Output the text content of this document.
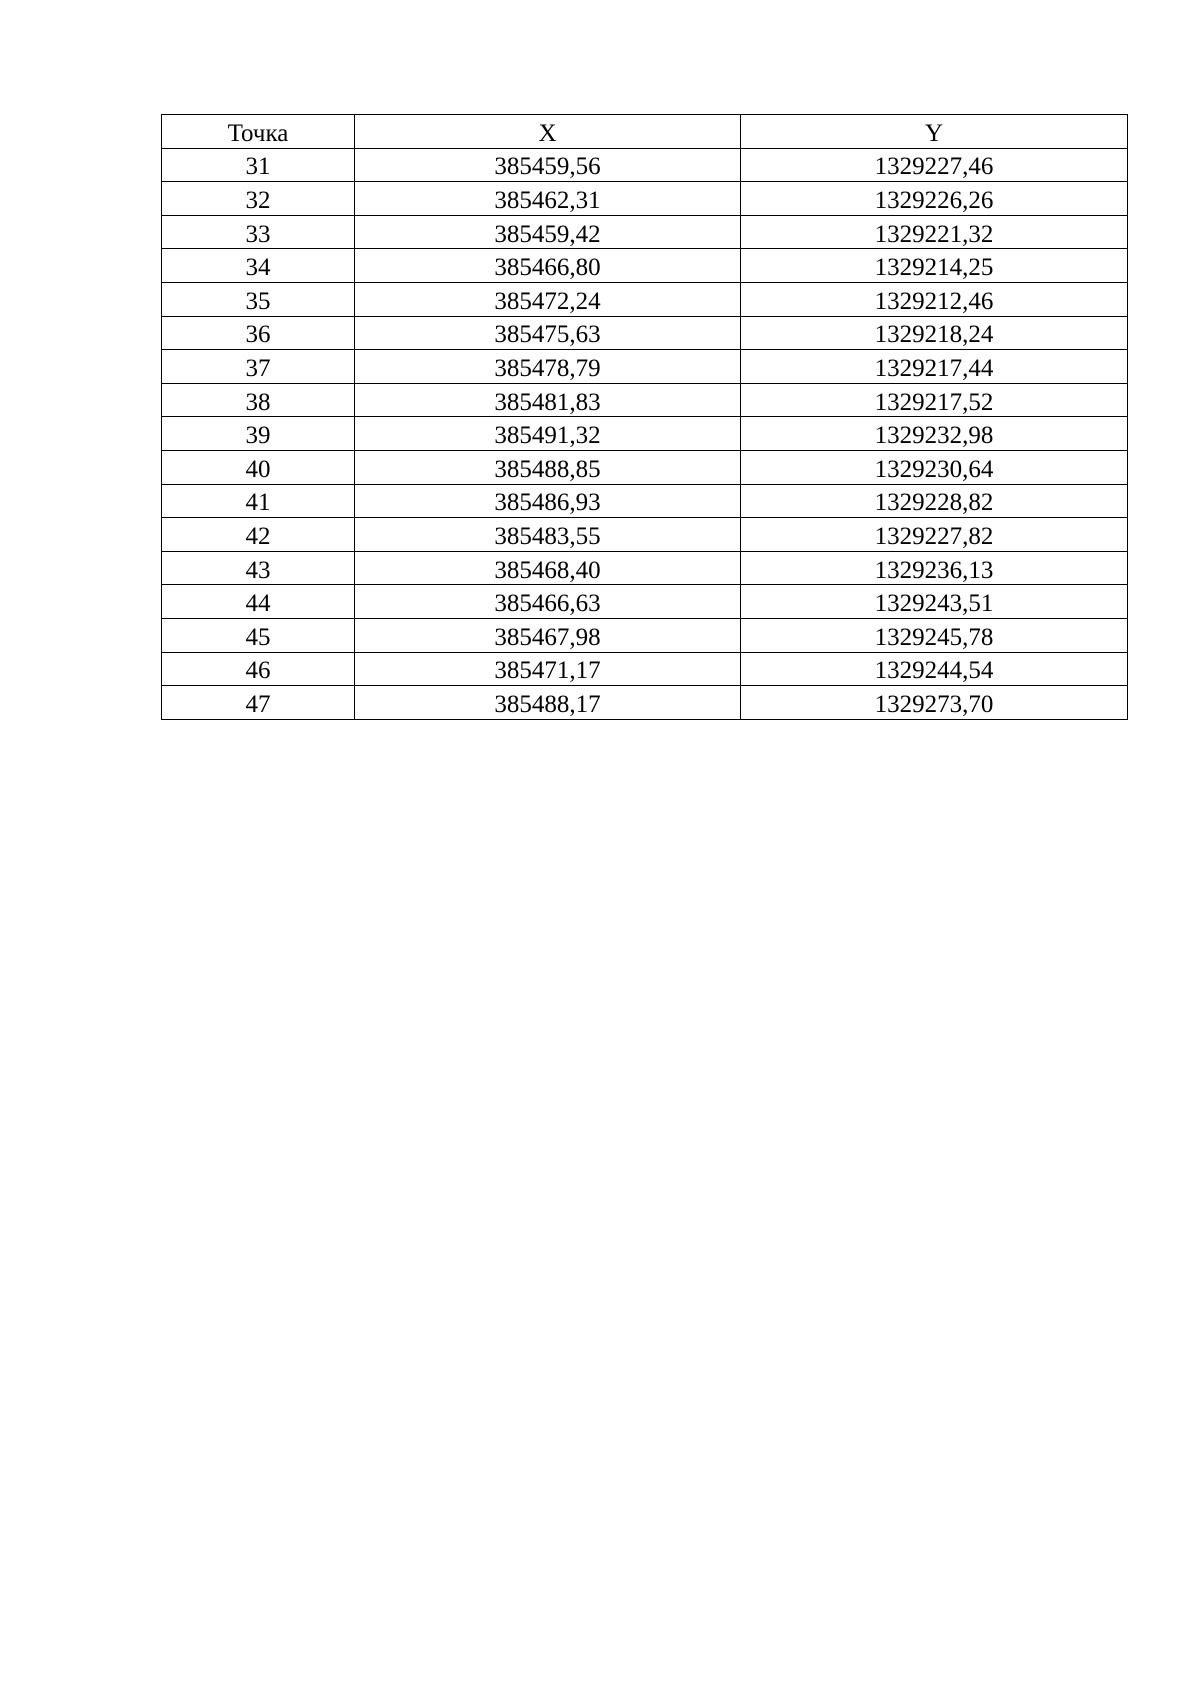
Точка	X	Y
31	385459,56	1329227,46
32	385462,31	1329226,26
33	385459,42	1329221,32
34	385466,80	1329214,25
35	385472,24	1329212,46
36	385475,63	1329218,24
37	385478,79	1329217,44
38	385481,83	1329217,52
39	385491,32	1329232,98
40	385488,85	1329230,64
41	385486,93	1329228,82
42	385483,55	1329227,82
43	385468,40	1329236,13
44	385466,63	1329243,51
45	385467,98	1329245,78
46	385471,17	1329244,54
47	385488,17	1329273,70
